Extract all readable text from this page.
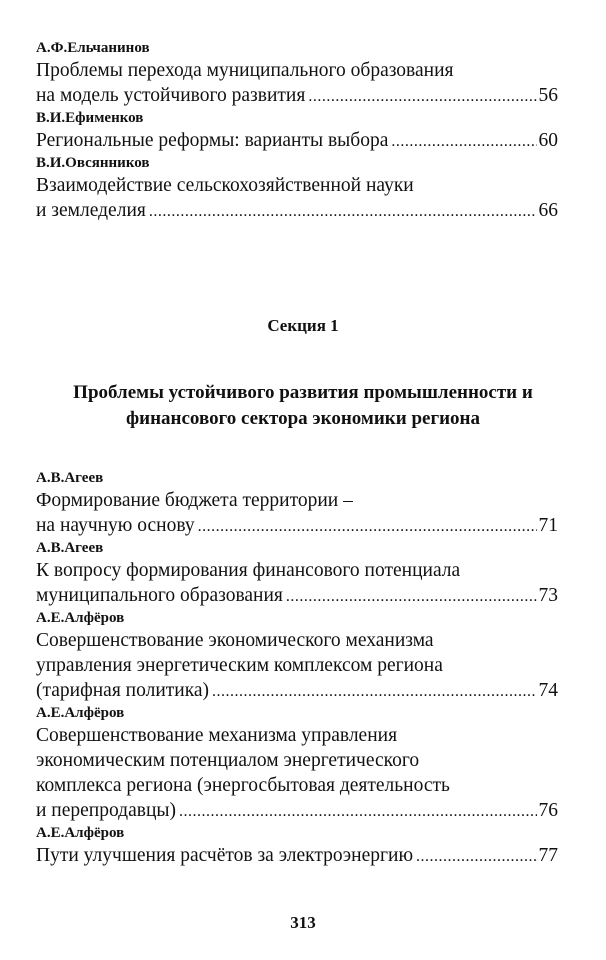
А.Ф.Ельчанинов

Проблемы перехода муниципального образования

на модель устойчивого развития .....	56

В.И.Ефименков

Региональные реформы: варианты выбора .....	60

В.И.Овсянников

Взаимодействие сельскохозяйственной науки

и земледелия .....	66

Секция 1

Проблемы устойчивого развития промышленности и

финансового сектора экономики региона

А.В.Агеев

Формирование бюджета территории –

на научную основу .....	71

А.В.Агеев

К вопросу формирования финансового потенциала

муниципального образования .....	73

А.Е.Алфёров

Совершенствование экономического механизма

управления энергетическим комплексом региона

(тарифная политика) .....	74

А.Е.Алфёров

Совершенствование механизма управления

экономическим потенциалом энергетического

комплекса региона (энергосбытовая деятельность

и перепродавцы) .....	76

А.Е.Алфёров

Пути улучшения расчётов за электроэнергию .....	77

313
